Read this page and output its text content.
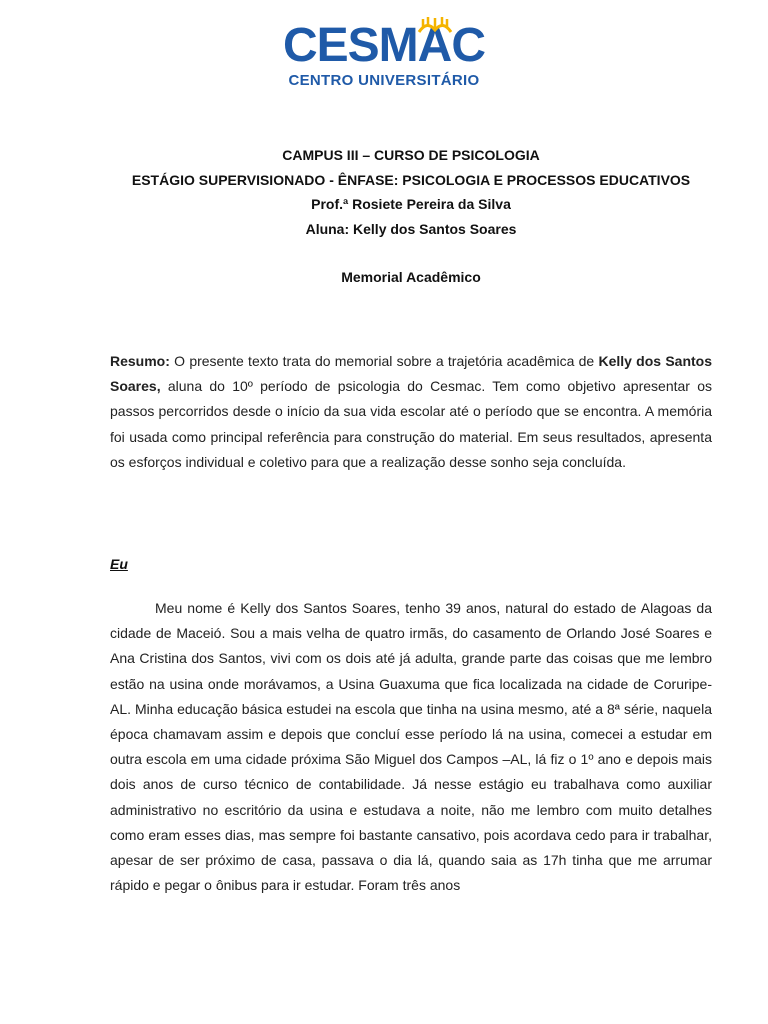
CESMAC
CENTRO UNIVERSITÁRIO
CAMPUS III – CURSO DE PSICOLOGIA
ESTÁGIO SUPERVISIONADO - ÊNFASE: PSICOLOGIA E PROCESSOS EDUCATIVOS
Prof.ª Rosiete Pereira da Silva
Aluna: Kelly dos Santos Soares
Memorial Acadêmico
Resumo: O presente texto trata do memorial sobre a trajetória acadêmica de Kelly dos Santos Soares, aluna do 10º período de psicologia do Cesmac. Tem como objetivo apresentar os passos percorridos desde o início da sua vida escolar até o período que se encontra. A memória foi usada como principal referência para construção do material. Em seus resultados, apresenta os esforços individual e coletivo para que a realização desse sonho seja concluída.
Eu
Meu nome é Kelly dos Santos Soares, tenho 39 anos, natural do estado de Alagoas da cidade de Maceió. Sou a mais velha de quatro irmãs, do casamento de Orlando José Soares e Ana Cristina dos Santos, vivi com os dois até já adulta, grande parte das coisas que me lembro estão na usina onde morávamos, a Usina Guaxuma que fica localizada na cidade de Coruripe-AL. Minha educação básica estudei na escola que tinha na usina mesmo, até a 8ª série, naquela época chamavam assim e depois que concluí esse período lá na usina, comecei a estudar em outra escola em uma cidade próxima São Miguel dos Campos –AL, lá fiz o 1º ano e depois mais dois anos de curso técnico de contabilidade. Já nesse estágio eu trabalhava como auxiliar administrativo no escritório da usina e estudava a noite, não me lembro com muito detalhes como eram esses dias, mas sempre foi bastante cansativo, pois acordava cedo para ir trabalhar, apesar de ser próximo de casa, passava o dia lá, quando saia as 17h tinha que me arrumar rápido e pegar o ônibus para ir estudar. Foram três anos
